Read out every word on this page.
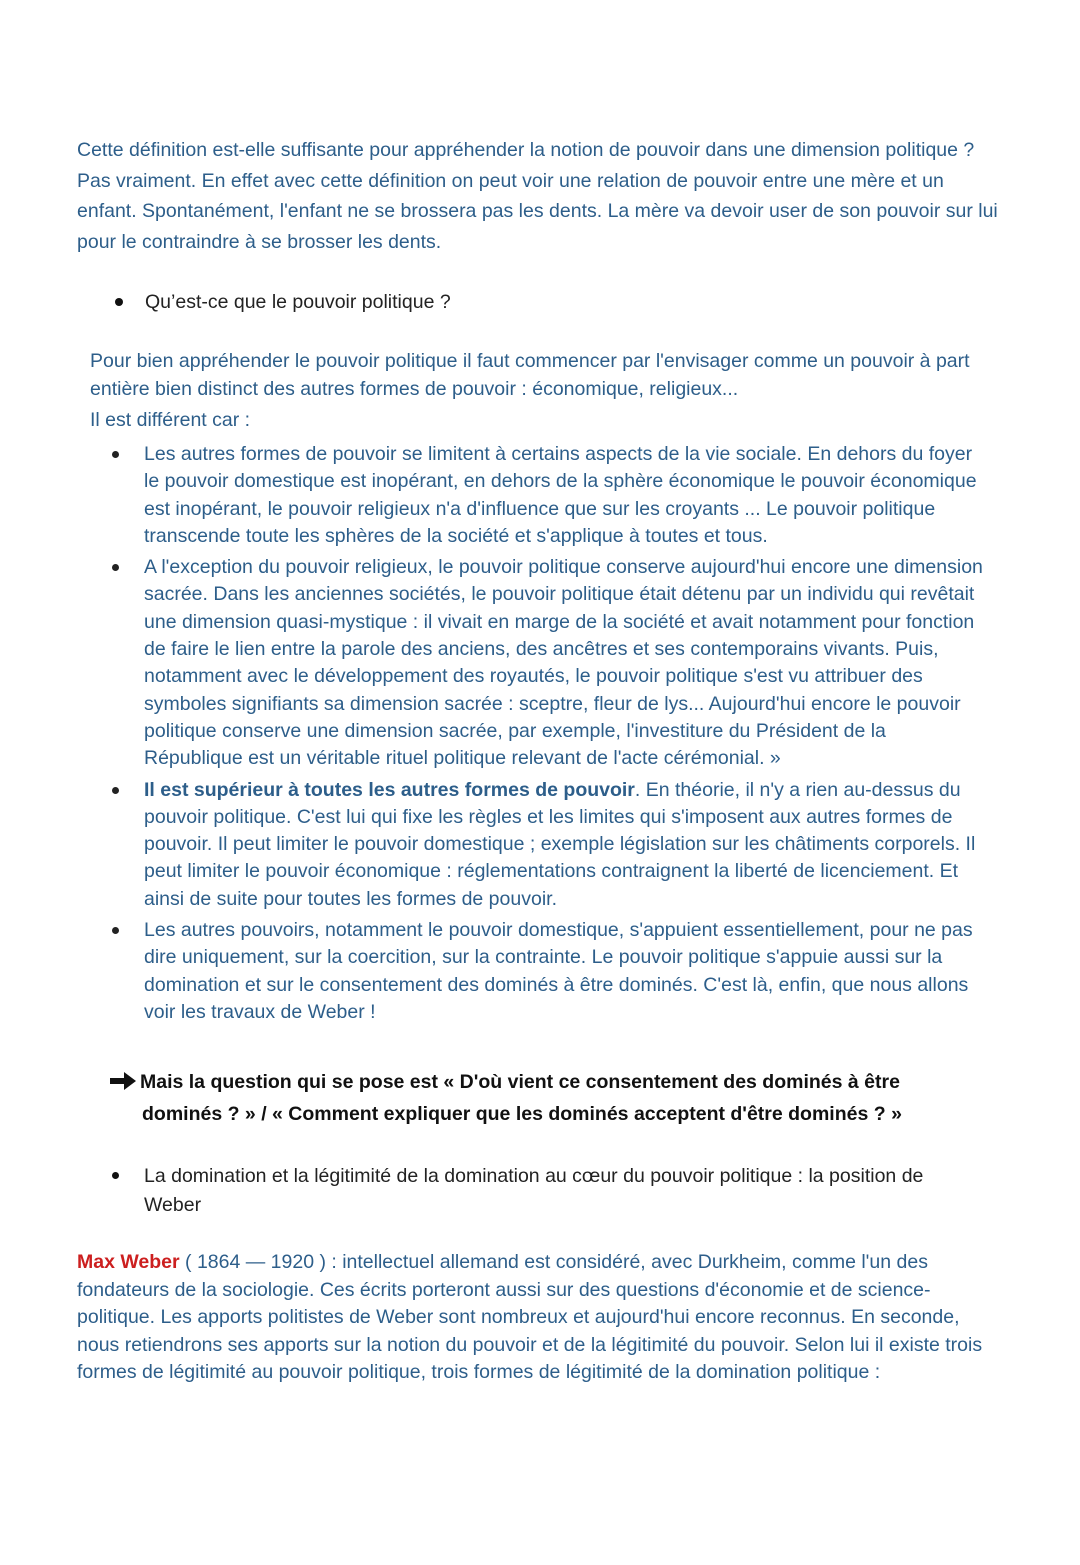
Cette définition est-elle suffisante pour appréhender la notion de pouvoir dans une dimension politique ? Pas vraiment. En effet avec cette définition on peut voir une relation de pouvoir entre une mère et un enfant. Spontanément, l'enfant ne se brossera pas les dents. La mère va devoir user de son pouvoir sur lui pour le contraindre à se brosser les dents.

Qu’est-ce que le pouvoir politique ?
Pour bien appréhender le pouvoir politique il faut commencer par l'envisager comme un pouvoir à part entière bien distinct des autres formes de pouvoir : économique, religieux...
Il est différent car :
Les autres formes de pouvoir se limitent à certains aspects de la vie sociale. En dehors du foyer le pouvoir domestique est inopérant, en dehors de la sphère économique le pouvoir économique est inopérant, le pouvoir religieux n'a d'influence que sur les croyants ... Le pouvoir politique transcende toute les sphères de la société et s'applique à toutes et tous.
A l'exception du pouvoir religieux, le pouvoir politique conserve aujourd'hui encore une dimension sacrée. Dans les anciennes sociétés, le pouvoir politique était détenu par un individu qui revêtait une dimension quasi-mystique : il vivait en marge de la société et avait notamment pour fonction de faire le lien entre la parole des anciens, des ancêtres et ses contemporains vivants. Puis, notamment avec le développement des royautés, le pouvoir politique s'est vu attribuer des symboles signifiants sa dimension sacrée : sceptre, fleur de lys... Aujourd'hui encore le pouvoir politique conserve une dimension sacrée, par exemple, l'investiture du Président de la République est un véritable rituel politique relevant de l'acte cérémonial. »
Il est supérieur à toutes les autres formes de pouvoir. En théorie, il n'y a rien au-dessus du pouvoir politique. C'est lui qui fixe les règles et les limites qui s'imposent aux autres formes de pouvoir. Il peut limiter le pouvoir domestique ; exemple législation sur les châtiments corporels. Il peut limiter le pouvoir économique : réglementations contraignent la liberté de licenciement. Et ainsi de suite pour toutes les formes de pouvoir.
Les autres pouvoirs, notamment le pouvoir domestique, s'appuient essentiellement, pour ne pas dire uniquement, sur la coercition, sur la contrainte. Le pouvoir politique s'appuie aussi sur la domination et sur le consentement des dominés à être dominés. C'est là, enfin, que nous allons voir les travaux de Weber !
Mais la question qui se pose est « D'où vient ce consentement des dominés à être
dominés ? » / « Comment expliquer que les dominés acceptent d'être dominés ? »
La domination et la légitimité de la domination au cœur du pouvoir politique : la position de Weber

Max Weber ( 1864 — 1920 ) : intellectuel allemand est considéré, avec Durkheim, comme l'un des fondateurs de la sociologie. Ces écrits porteront aussi sur des questions d'économie et de science-politique. Les apports politistes de Weber sont nombreux et aujourd'hui encore reconnus. En seconde, nous retiendrons ses apports sur la notion du pouvoir et de la légitimité du pouvoir. Selon lui il existe trois formes de légitimité au pouvoir politique, trois formes de légitimité de la domination politique :
